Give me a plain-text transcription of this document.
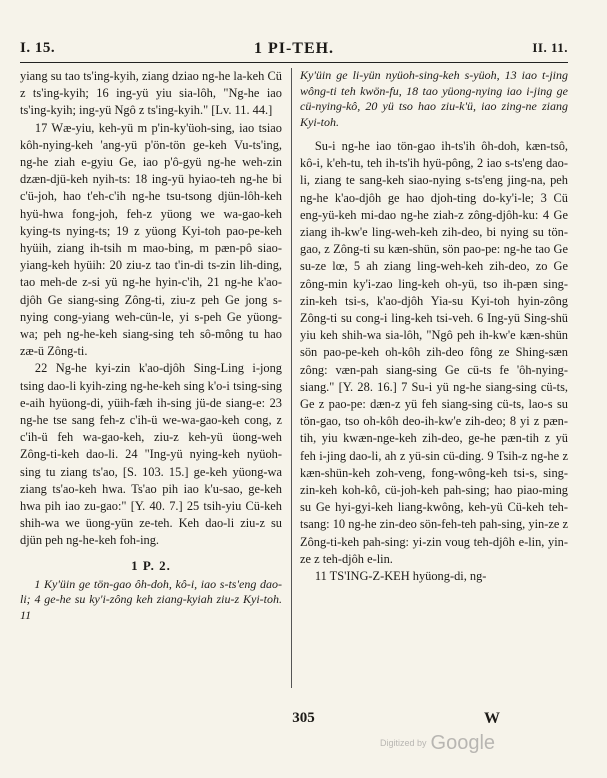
I. 15.	1 PI-TEH.	II. 11.

yiang su tao ts'ing-kyih, ziang dziao ng-he la-keh Cü z ts'ing-kyih; 16 ing-yü yiu sia-lôh, "Ng-he iao ts'ing-kyih; ing-yü Ngô z ts'ing-kyih." [Lv. 11. 44.]

17 Wæ-yiu, keh-yü m p'in-ky'üoh-sing, iao tsiao kôh-nying-keh 'ang-yü p'ön-tön ge-keh Vu-ts'ing, ng-he ziah e-gyiu Ge, iao p'ô-gyü ng-he weh-zin dzæn-djü-keh nyih-ts: 18 ing-yü hyiao-teh ng-he bi c'ü-joh, hao t'eh-c'ih ng-he tsu-tsong djün-lôh-keh hyü-hwa fong-joh, feh-z yüong we wa-gao-keh kying-ts nying-ts; 19 z yüong Kyi-toh pao-pe-keh hyüih, ziang ih-tsih m mao-bing, m pæn-pô siao-yiang-keh hyüih: 20 ziu-z tao t'in-di ts-zin lih-ding, tao meh-de z-si yü ng-he hyin-c'ih, 21 ng-he k'ao-djôh Ge siang-sing Zông-ti, ziu-z peh Ge jong s-nying cong-yiang weh-cün-le, yi s-peh Ge yüong-wa; peh ng-he-keh siang-sing teh sô-mông tu hao zæ-ü Zông-ti.

22 Ng-he kyi-zin k'ao-djôh Sing-Ling i-jong tsing dao-li kyih-zing ng-he-keh sing k'o-i tsing-sing e-aih hyüong-di, yüih-fæh ih-sing jü-de siang-e: 23 ng-he tse sang feh-z c'ih-ü we-wa-gao-keh cong, z c'ih-ü feh wa-gao-keh, ziu-z keh-yü üong-weh Zông-ti-keh dao-li. 24 "Ing-yü nying-keh nyüoh-sing tu ziang ts'ao, [S. 103. 15.] ge-keh yüong-wa ziang ts'ao-keh hwa. Ts'ao pih iao k'u-sao, ge-keh hwa pih iao zu-gao:" [Y. 40. 7.] 25 tsih-yiu Cü-keh shih-wa we üong-yün ze-teh. Keh dao-li ziu-z su djün peh ng-he-keh foh-ing.

1 P. 2.

1 Ky'üin ge tön-gao ôh-doh, kô-i, iao s-ts'eng dao-li; 4 ge-he su ky'i-zông keh ziang-kyiah ziu-z Kyi-toh. 11

Ky'üin ge li-yün nyüoh-sing-keh s-yüoh, 13 iao t-jing wông-ti teh kwön-fu, 18 tao yüong-nying iao i-jing ge cü-nying-kô, 20 yü tso hao ziu-k'ü, iao zing-ne ziang Kyi-toh.

Su-i ng-he iao tön-gao ih-ts'ih ôh-doh, kæn-tsô, kô-i, k'eh-tu, teh ih-ts'ih hyü-pông, 2 iao s-ts'eng dao-li, ziang te sang-keh siao-nying s-ts'eng jing-na, peh ng-he k'ao-djôh ge hao djoh-ting do-ky'i-le; 3 Cü eng-yü-keh mi-dao ng-he ziah-z zông-djôh-ku: 4 Ge ziang ih-kw'e ling-weh-keh zih-deo, bi nying su tön-gao, z Zông-ti su kæn-shün, sön pao-pe: ng-he tao Ge su-ze lœ, 5 ah ziang ling-weh-keh zih-deo, zo Ge zông-min ky'i-zao ling-keh oh-yü, tso ih-pæn sing-zin-keh tsi-s, k'ao-djôh Yia-su Kyi-toh hyin-zông Zông-ti su cong-i ling-keh tsi-veh. 6 Ing-yü Sing-shü yiu keh shih-wa sia-lôh, "Ngô peh ih-kw'e kæn-shün sön pao-pe-keh oh-kôh zih-deo fông ze Shing-sæn zông: væn-pah siang-sing Ge cü-ts fe 'ôh-nying-siang." [Y. 28. 16.] 7 Su-i yü ng-he siang-sing cü-ts, Ge z pao-pe: dæn-z yü feh siang-sing cü-ts, lao-s su tön-gao, tso oh-kôh deo-ih-kw'e zih-deo; 8 yi z pæn-tih, yiu kwæn-nge-keh zih-deo, ge-he pæn-tih z yü feh i-jing dao-li, ah z yü-sin cü-ding. 9 Tsih-z ng-he z kæn-shün-keh zoh-veng, fong-wông-keh tsi-s, sing-zin-keh koh-kô, cü-joh-keh pah-sing; hao piao-ming su Ge hyi-gyi-keh liang-kwông, keh-yü Cü-keh teh-tsang: 10 ng-he zin-deo sön-feh-teh pah-sing, yin-ze z Zông-ti-keh pah-sing: yi-zin voug teh-djôh e-lin, yin-ze z teh-djôh e-lin.

11 TS'ING-Z-KEH hyüong-di, ng-

305	W
Digitized by Google
